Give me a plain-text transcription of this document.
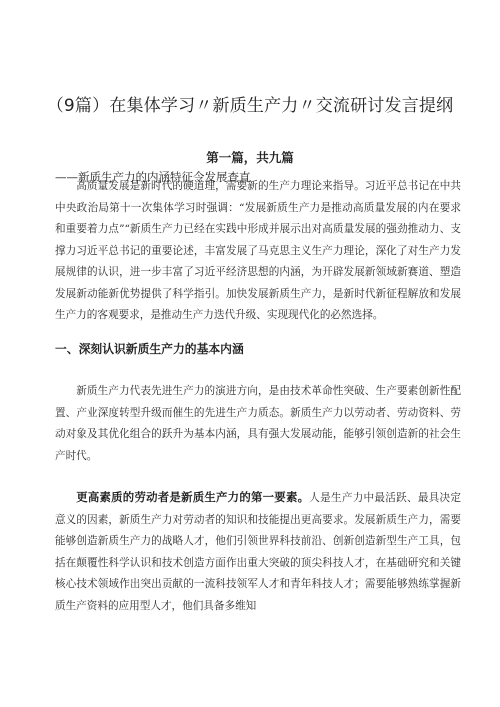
（9篇）在集体学习〃新质生产力〃交流研讨发言提纲
第一篇，共九篇
——新质生产力的内涵特征令发展查直

高质量发展是新时代的硬道理，需要新的生产力理论来指导。习近平总书记在中共中央政治局第十一次集体学习时强调：“发展新质生产力是推动高质量发展的内在要求和重要着力点”“新质生产力已经在实践中形成并展示出对高质量发展的强劲推动力、支撑力习近平总书记的重要论述，丰富发展了马克思主义生产力理论，深化了对生产力发展规律的认识，进一步丰富了习近平经济思想的内涵，为开辟发展新领域新赛道、塑造发展新动能新优势提供了科学指引。加快发展新质生产力，是新时代新征程解放和发展生产力的客观要求，是推动生产力迭代升级、实现现代化的必然选择。

一、深刻认识新质生产力的基本内涵

新质生产力代表先进生产力的演进方向，是由技术革命性突破、生产要素创新性配置、产业深度转型升级而催生的先进生产力质态。新质生产力以劳动者、劳动资料、劳动对象及其优化组合的跃升为基本内涵，具有强大发展动能，能够引领创造新的社会生产时代。

更高素质的劳动者是新质生产力的第一要素。人是生产力中最活跃、最具决定意义的因素，新质生产力对劳动者的知识和技能提出更高要求。发展新质生产力，需要能够创造新质生产力的战略人才，他们引领世界科技前沿、创新创造新型生产工具，包括在颠覆性科学认识和技术创造方面作出重大突破的顶尖科技人才，在基础研究和关键核心技术领域作出突出贡献的一流科技领军人才和青年科技人才；需要能够熟练掌握新质生产资料的应用型人才，他们具备多维知
